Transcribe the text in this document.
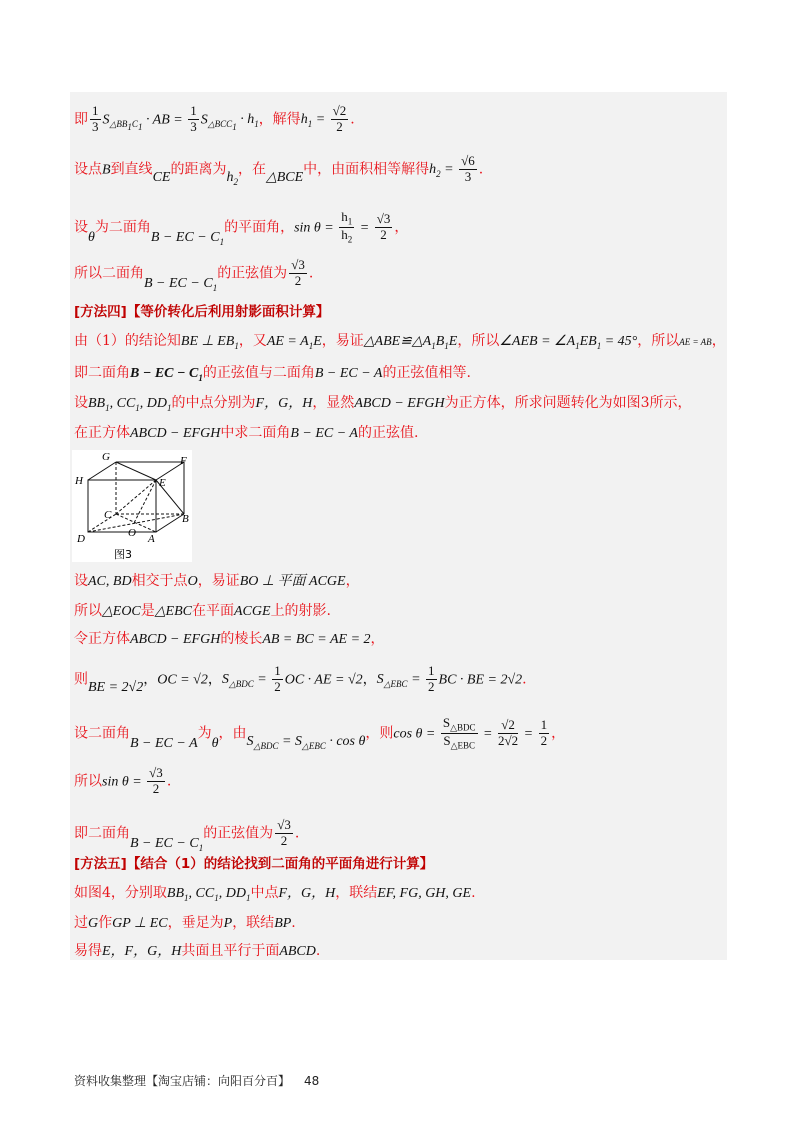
即 $\frac{1}{3} S_{\triangle BB_1C_1}$ · AB = $\frac{1}{3} S_{\triangle BCC_1} \cdot h_1$，解得$h_1 = \frac{√2}{2}$ .
设点B到直线CE的距离为$h_2$，在△BCE中，由面积相等解得$h_2 = \frac{√6}{3}$ .
设θ为二面角B − EC − $C_1$的平面角，$\sin \theta = \frac{h_1}{h_2} = \frac{√3}{2}$ ，
所以二面角B − EC − $C_1$的正弦值为 $\frac{√3}{2}$ .
[方法四]【等价转化后利用射影面积计算】
由（1）的结论知BE ⊥ $EB_1$，又AE = $A_1E$，易证$\triangle ABE≌\triangle A_1B_1E$，所以∠AEB = $\angle A_1EB_1 = 45^\circ$，所以AE = AB，
即二面角B − EC − $C_1$的正弦值与二面角B − EC − A的正弦值相等.
设$BB_1$, $CC_1$, $DD_1$的中点分别为F，G，H，显然ABCD − EFGH为正方体，所求问题转化为如图3所示，
在正方体ABCD − EFGH中求二面角B − EC − A的正弦值.
G	F
H	E
C	B
D	O A
图3
设AC, BD相交于点O，易证BO ⊥ 平面 ACGE，
所以△EOC是△EBC在平面ACGE上的射影.
令正方体ABCD − EFGH的棱长AB = BC = AE = 2，
则BE = 2√2，OC = √2，$S_{\triangle BDC} = \frac{1}{2}$ OC · AE = √2，$S_{\triangle EBC} = \frac{1}{2}$ BC · BE = 2√2.
设二面角B − EC − A为θ，由$S_{\triangle BDC} = S_{\triangle EBC} \cdot \cos \theta$，则$\cos \theta = \frac{S_{\triangle BDC}}{S_{\triangle EBC}} = \frac{√2}{2√2} = \frac{1}{2}$ ，
所以$\sin \theta = \frac{√3}{2}$ .
即二面角B − EC − $C_1$的正弦值为 $\frac{√3}{2}$ .
[方法五]【结合（1）的结论找到二面角的平面角进行计算】
如图4，分别取$BB_1$, $CC_1$, $DD_1$中点F，G，H，联结EF, FG, GH, GE.
过G作GP ⊥ EC，垂足为P，联结BP.
易得E，F，G，H共面且平行于面ABCD.
资料收集整理【淘宝店铺：向阳百分百】 48
